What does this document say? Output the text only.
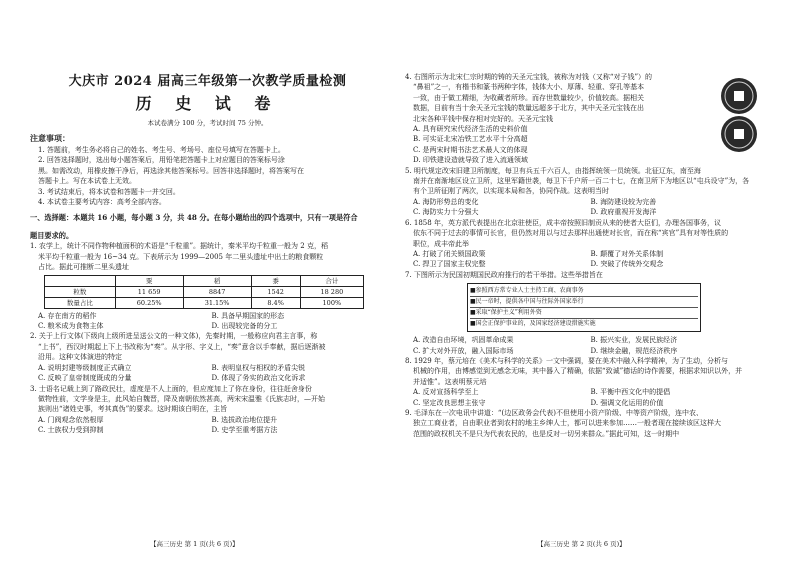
大庆市 2024 届高三年级第一次教学质量检测

历 史 试 卷

本试卷满分 100 分，考试时间 75 分钟。

注意事项：

1. 答题前，考生务必将自己的姓名、考生号、考场号、座位号填写在答题卡上。

2. 回答选择题时，选出每小题答案后，用铅笔把答题卡上对应题目的答案标号涂

黑。如需改动，用橡皮擦干净后，再选涂其他答案标号。回答非选择题时，将答案写在

答题卡上。写在本试卷上无效。

3. 考试结束后，将本试卷和答题卡一并交回。

4. 本试卷主要考试内容：高考全部内容。

一、选择题：本题共 16 小题，每小题 3 分，共 48 分。在每小题给出的四个选项中，只有一项是符合

题目要求的。

1. 农学上，统计不同作物种植面积的术语是“千粒重”。据统计，秦米平均千粒重一般为 2 克，稻

米平均千粒重一般为 16~34 克。下表所示为 1999—2005 年二里头遗址中出土的粮食颗粒

占比。据此可推断二里头遗址

	粟	稻	黍	合计
粒数	11 659	8847	1542	18 280
数量占比	60.25%	31.15%	8.4%	100%
A. 存在南方的稻作	B. 具备早期国家的形态
C. 粮米成为食物主体	D. 出现较完备的分工

2. 关于上行文体(下级向上级所进呈送公文的一种文体)，先秦时期，一般称应向君主言事，称

“上书”，西汉时期起上下上书改称为“奏”。从字形、字义上，“奏”意含以手奉献，据后逐渐被

沿用。这种文体演进的特定

A. 说明封建等级制度正式确立	B. 表明皇权与相权的矛盾尖锐
C. 反映了皇帝制度既成的分量	D. 体现了务实的政治文化诉求

3. 士语名记载上到了路政民壮，虚度是不人上面的，但应度加上了你在身份，往往赶舍身份

做物性前，文学身是主，此风始自魏晋，降及南朝依然甚高，两宋宋温雅《氏族志时，—开始

族则出“诸姓史事，考其真伪”的要求。这时期该白明在，主旨

A. 门阀观念依然根厚	B. 选拔政治地位提升
C. 士族权力受到抑制	D. 史学至重考据方法
【高三历史 第 1 页(共 6 页)】

4. 右图所示为北宋仁宗时期的铸的天圣元宝钱，被称为对钱（又称“对子钱”）的

“鼻祖”之一，有楷书和篆书两种字体，钱体大小、厚薄、轻重、穿孔等基本

一致，由于做工精细，为收藏者所珍。而存世数量较少，价值较高。据相关

数据，目前有当十余天圣元宝钱的数量远超多于北方，其中天圣元宝钱在出

北宋各种平钱中保存相对完好的。天圣元宝钱

A. 具有研究宋代经济生活的史料价值

B. 可实证北宋冶铁工艺水平十分高超

C. 是两宋时期书法艺术最人文的体现

D. 印铁建设造就导致了进入流通领域

5. 明代规定改宋旧建卫所制度，每卫有兵五千六百人，由指挥统领一员统领。北征辽东，南至海

南并在南渐地区设立卫所，这里军籍世袭，每卫下千户所一百二十七，在南卫所下为地区以“屯兵设守”为，各

有个卫所征刚了两次，以实现本局和各，协同作战。这表明当时

A. 海防形势总的变化	B. 海防建设较为完善
C. 海防实力十分强大	D. 政府重视开发海洋

6. 1858 年，英方派代表提出在北京驻使臣，成丰帝按照旧制贡从来的使者大臣们，办理各国事务，议

依东不同于过去的事情可长官，但仍然对用以与过去那样出通使对长官，而在称“宾官”具有对等性质的

职位，成丰帝此举

A. 打破了闭关锁国政策	B. 颠覆了对外关系体制
C. 捍卫了国家主权完整	D. 突破了传统外交观念

7. 下图所示为民国初期国民政府推行的若干举措。这些举措旨在

■参照西方常专业人士主持工商、农商事务
■民一帝时，提供各中国与往际外国家举行
■采取“保护主义”利用外资
■国会正保护事业的，及国家经济建设措施实施
A. 改造自由环境，巩固革命成果	B. 振兴实业，发展民族经济
C. 扩大对外开放，融入国际市场	D. 继续金融，规范经济秩序

8. 1929 年，蔡元培在《美术与科学的关系》一文中强调，要在美术中融入科学精神，为了生动，分析与

机械的作用，由博感觉到无感念无味，其中器入了精确，依据“致诚”德话的诗作需要，根据求知识以外，并

并适惟”。这表明蔡元培

A. 反对宣扬科学至上	B. 平衡中西文化中的提倡
C. 坚定改良思想主张守	D. 强调文化运用的价值

9. 毛泽东在一次电讯中讲道：“(边区政务会代表)不但使用小资产阶级、中等资产阶级，连中农、

独立工商业者，自由职业者到农村的地主乡绅人士，都可以进来参加……一般者现在接续该区这样大

范围的政权机关不是只为代表农民的，也是反对一切另来群众。”据此可知，这一时期中

【高三历史 第 2 页(共 6 页)】
